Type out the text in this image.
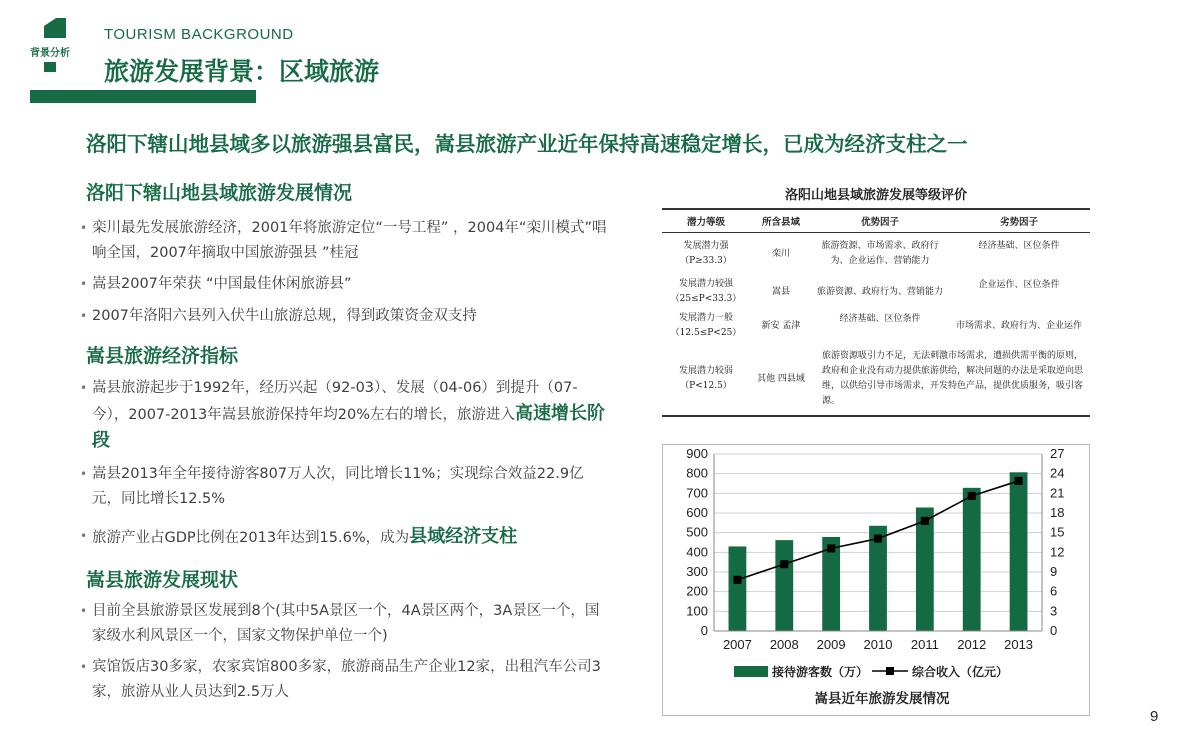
背景分析
TOURISM BACKGROUND
旅游发展背景：区域旅游
洛阳下辖山地县域多以旅游强县富民，嵩县旅游产业近年保持高速稳定增长，已成为经济支柱之一
洛阳下辖山地县域旅游发展情况
• 栾川最先发展旅游经济，2001年将旅游定位“一号工程” ，2004年“栾川模式”唱响全国，2007年摘取中国旅游强县 ”桂冠
• 嵩县2007年荣获 “中国最佳休闲旅游县”
• 2007年洛阳六县列入伏牛山旅游总规，得到政策资金双支持
嵩县旅游经济指标
• 嵩县旅游起步于1992年，经历兴起（92-03）、发展（04-06）到提升（07-今），2007-2013年嵩县旅游保持年均20%左右的增长，旅游进入高速增长阶段
• 嵩县2013年全年接待游客807万人次，同比增长11%；实现综合效益22.9亿元，同比增长12.5%
• 旅游产业占GDP比例在2013年达到15.6%，成为县域经济支柱
嵩县旅游发展现状
• 目前全县旅游景区发展到8个(其中5A景区一个，4A景区两个，3A景区一个，国家级水利风景区一个，国家文物保护单位一个)
• 宾馆饭店30多家，农家宾馆800多家，旅游商品生产企业12家，出租汽车公司3家，旅游从业人员达到2.5万人
洛阳山地县域旅游发展等级评价
潜力等级	所含县域	优势因子	劣势因子
发展潜力强
（P≥33.3）	栾川	旅游资源、市场需求、政府行为、企业运作、营销能力	经济基础、区位条件
发展潜力较强
（25≤P<33.3）	嵩县	旅游资源、政府行为、营销能力	企业运作、区位条件
发展潜力一般
（12.5≤P<25）	新安 孟津	经济基础、区位条件	市场需求、政府行为、企业运作
发展潜力较弱
（P<12.5）	其他 四县域	旅游资源吸引力不足，无法刺激市场需求，遭损供需平衡的原则，政府和企业没有动力提供旅游供给，解决问题的办法是采取逆向思维，以供给引导市场需求，开发特色产品，提供优质服务，吸引客源。	
0
100
200
300
400
500
600
700
800
900
0
3
6
9
12
15
18
21
24
27
2007 2008 2009 2010 2011 2012 2013
接待游客数（万）	综合收入（亿元）
嵩县近年旅游发展情况
9
